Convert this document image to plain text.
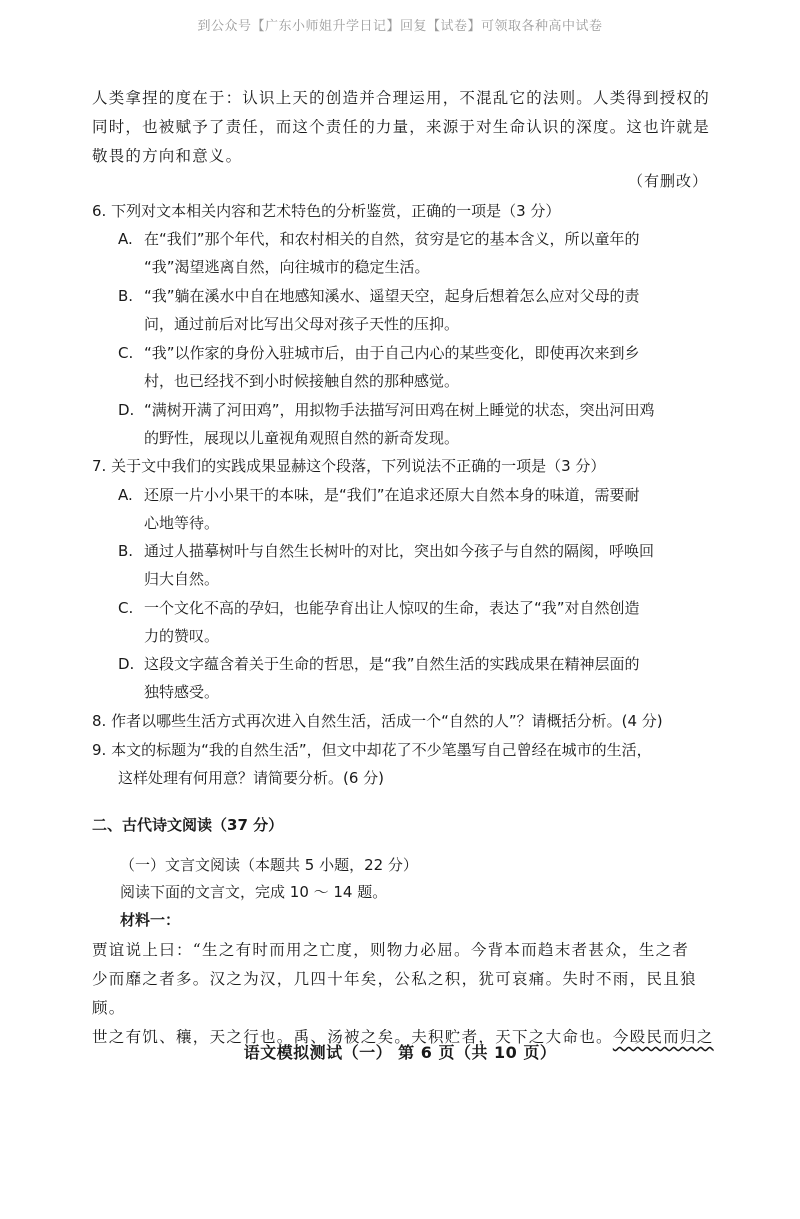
到公众号【广东小师姐升学日记】回复【试卷】可领取各种高中试卷
人类拿捏的度在于：认识上天的创造并合理运用，不混乱它的法则。人类得到授权的
同时，也被赋予了责任，而这个责任的力量，来源于对生命认识的深度。这也许就是
敬畏的方向和意义。
（有删改）
6. 下列对文本相关内容和艺术特色的分析鉴赏，正确的一项是（3 分）
A. 在“我们”那个年代，和农村相关的自然，贫穷是它的基本含义，所以童年的
“我”渴望逃离自然，向往城市的稳定生活。
B. “我”躺在溪水中自在地感知溪水、遥望天空，起身后想着怎么应对父母的责
问，通过前后对比写出父母对孩子天性的压抑。
C. “我”以作家的身份入驻城市后，由于自己内心的某些变化，即使再次来到乡
村，也已经找不到小时候接触自然的那种感觉。
D. “满树开满了河田鸡”，用拟物手法描写河田鸡在树上睡觉的状态，突出河田鸡
的野性，展现以儿童视角观照自然的新奇发现。
7. 关于文中我们的实践成果显赫这个段落，下列说法不正确的一项是（3 分）
A. 还原一片小小果干的本味，是“我们”在追求还原大自然本身的味道，需要耐
心地等待。
B. 通过人描摹树叶与自然生长树叶的对比，突出如今孩子与自然的隔阂，呼唤回
归大自然。
C. 一个文化不高的孕妇，也能孕育出让人惊叹的生命，表达了“我”对自然创造
力的赞叹。
D. 这段文字蕴含着关于生命的哲思，是“我”自然生活的实践成果在精神层面的
独特感受。
8. 作者以哪些生活方式再次进入自然生活，活成一个“自然的人”？请概括分析。(4 分)
9. 本文的标题为“我的自然生活”，但文中却花了不少笔墨写自己曾经在城市的生活，
这样处理有何用意？请简要分析。(6 分)
二、古代诗文阅读（37 分）
（一）文言文阅读（本题共 5 小题，22 分）
阅读下面的文言文，完成 10 ～ 14 题。
材料一：
贾谊说上曰：“生之有时而用之亡度，则物力必屈。今背本而趋末者甚众，生之者
少而靡之者多。汉之为汉，几四十年矣，公私之积，犹可哀痛。失时不雨，民且狼顾。
世之有饥、穰，天之行也。禹、汤被之矣。夫积贮者，天下之大命也。今殴民而归之
语文模拟测试（一） 第 6 页（共 10 页）
